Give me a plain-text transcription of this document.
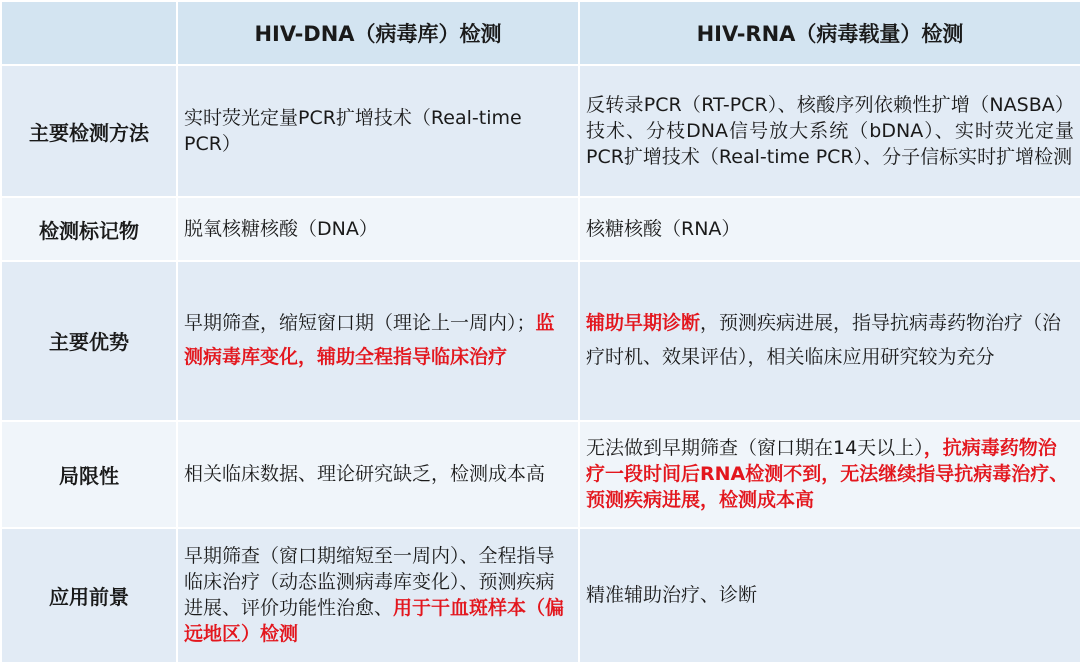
	HIV-DNA（病毒库）检测	HIV-RNA（病毒载量）检测
主要检测方法	实时荧光定量PCR扩增技术（Real-time PCR）	反转录PCR（RT-PCR）、核酸序列依赖性扩增（NASBA）技术、分枝DNA信号放大系统（bDNA）、实时荧光定量PCR扩增技术（Real-time PCR）、分子信标实时扩增检测
检测标记物	脱氧核糖核酸（DNA）	核糖核酸（RNA）
主要优势	早期筛查，缩短窗口期（理论上一周内）；监测病毒库变化，辅助全程指导临床治疗	辅助早期诊断，预测疾病进展，指导抗病毒药物治疗（治疗时机、效果评估），相关临床应用研究较为充分
局限性	相关临床数据、理论研究缺乏，检测成本高	无法做到早期筛查（窗口期在14天以上），抗病毒药物治疗一段时间后RNA检测不到，无法继续指导抗病毒治疗、预测疾病进展，检测成本高
应用前景	早期筛查（窗口期缩短至一周内）、全程指导临床治疗（动态监测病毒库变化）、预测疾病进展、评价功能性治愈、用于干血斑样本（偏远地区）检测	精准辅助治疗、诊断
